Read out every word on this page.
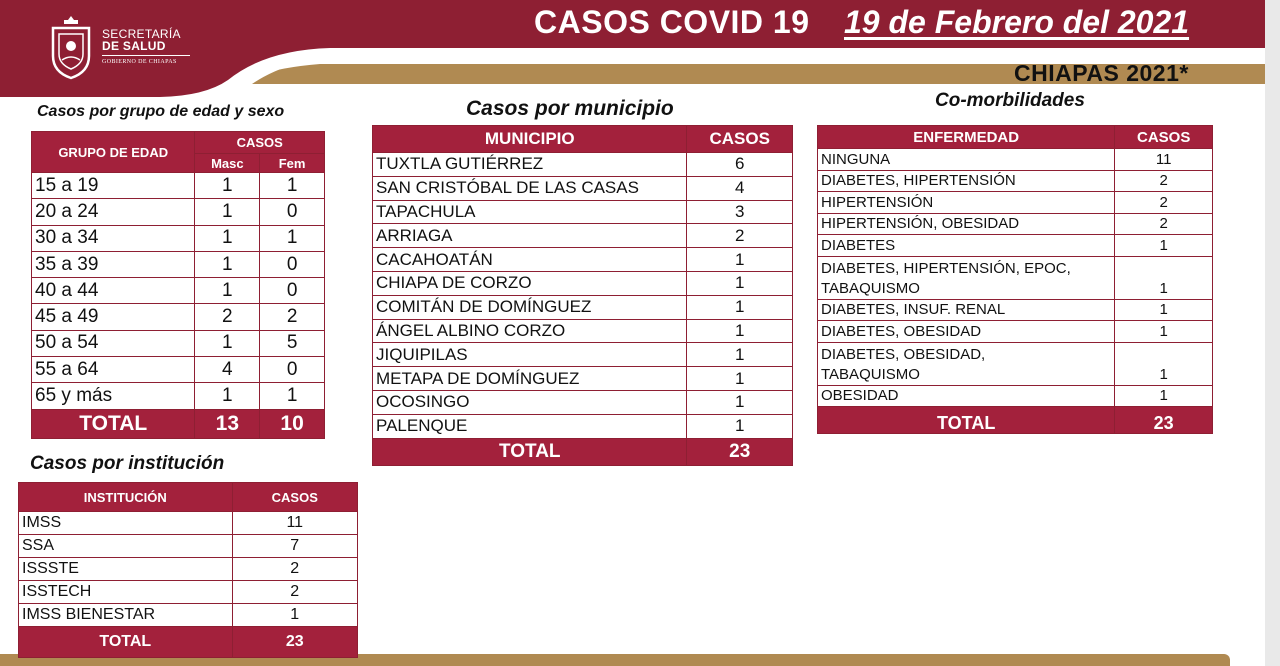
SECRETARÍA
DE SALUD
GOBIERNO DE CHIAPAS
CASOS COVID 19 19 de Febrero del 2021
CHIAPAS 2021*
Casos por grupo de edad y sexo
GRUPO DE EDAD	CASOS	
	Masc	Fem
15 a 19	1	1
20 a 24	1	0
30 a 34	1	1
35 a 39	1	0
40 a 44	1	0
45 a 49	2	2
50 a 54	1	5
55 a 64	4	0
65 y más	1	1
TOTAL	13	10
Casos por institución
INSTITUCIÓN	CASOS
IMSS	11
SSA	7
ISSSTE	2
ISSTECH	2
IMSS BIENESTAR	1
TOTAL	23
Casos por municipio
MUNICIPIO	CASOS
TUXTLA GUTIÉRREZ	6
SAN CRISTÓBAL DE LAS CASAS	4
TAPACHULA	3
ARRIAGA	2
CACAHOATÁN	1
CHIAPA DE CORZO	1
COMITÁN DE DOMÍNGUEZ	1
ÁNGEL ALBINO CORZO	1
JIQUIPILAS	1
METAPA DE DOMÍNGUEZ	1
OCOSINGO	1
PALENQUE	1
TOTAL	23
Co-morbilidades
ENFERMEDAD	CASOS
NINGUNA	11
DIABETES, HIPERTENSIÓN	2
HIPERTENSIÓN	2
HIPERTENSIÓN, OBESIDAD	2
DIABETES	1
DIABETES, HIPERTENSIÓN, EPOC, TABAQUISMO	1
DIABETES, INSUF. RENAL	1
DIABETES, OBESIDAD	1
DIABETES, OBESIDAD, TABAQUISMO	1
OBESIDAD	1
TOTAL	23
